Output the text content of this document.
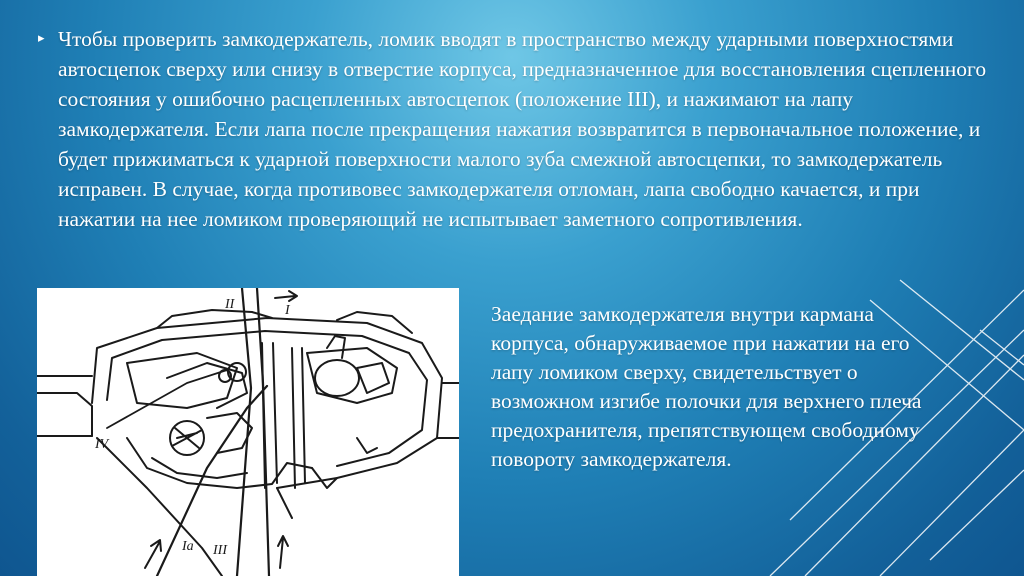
▸ Чтобы проверить замкодержатель, ломик вводят в пространство между ударными поверхностями автосцепок сверху или снизу в отверстие корпуса, предназначенное для восстановления сцепленного состояния у ошибочно расцепленных автосцепок (положение III), и нажимают на лапу замкодержателя. Если лапа после прекращения нажатия возвратится в первоначальное положение, и будет прижиматься к ударной поверхности малого зуба смежной автосцепки, то замкодержатель исправен. В случае, когда противовес замкодержателя отломан, лапа свободно качается, и при нажатии на нее ломиком проверяющий не испытывает заметного сопротивления.
II	I
IV
Iа III
Заедание замкодержателя внутри кармана корпуса, обнаруживаемое при нажатии на его лапу ломиком сверху, свидетельствует о возможном изгибе полочки для верхнего плеча предохранителя, препятствующем свободному повороту замкодержателя.
